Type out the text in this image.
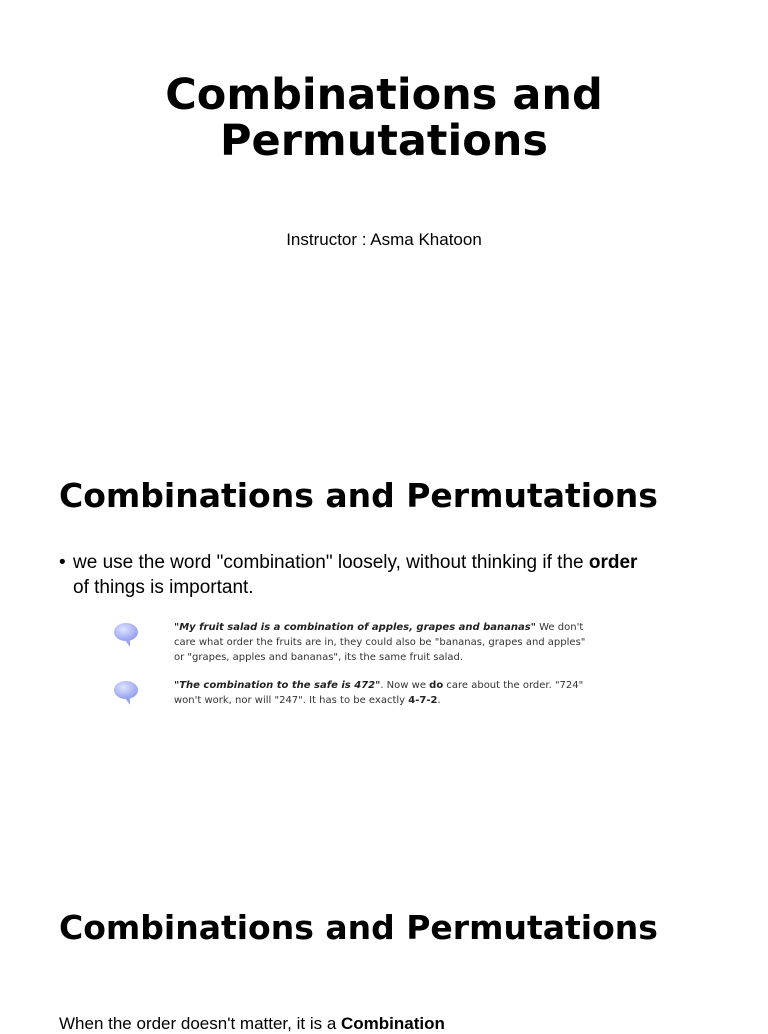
Combinations and
Permutations
Instructor : Asma Khatoon
Combinations and Permutations
• we use the word "combination" loosely, without thinking if the order of things is important.
"My fruit salad is a combination of apples, grapes and bananas" We don't care what order the fruits are in, they could also be "bananas, grapes and apples" or "grapes, apples and bananas", its the same fruit salad.
"The combination to the safe is 472". Now we do care about the order. "724" won't work, nor will "247". It has to be exactly 4-7-2.
Combinations and Permutations
When the order doesn't matter, it is a Combination
